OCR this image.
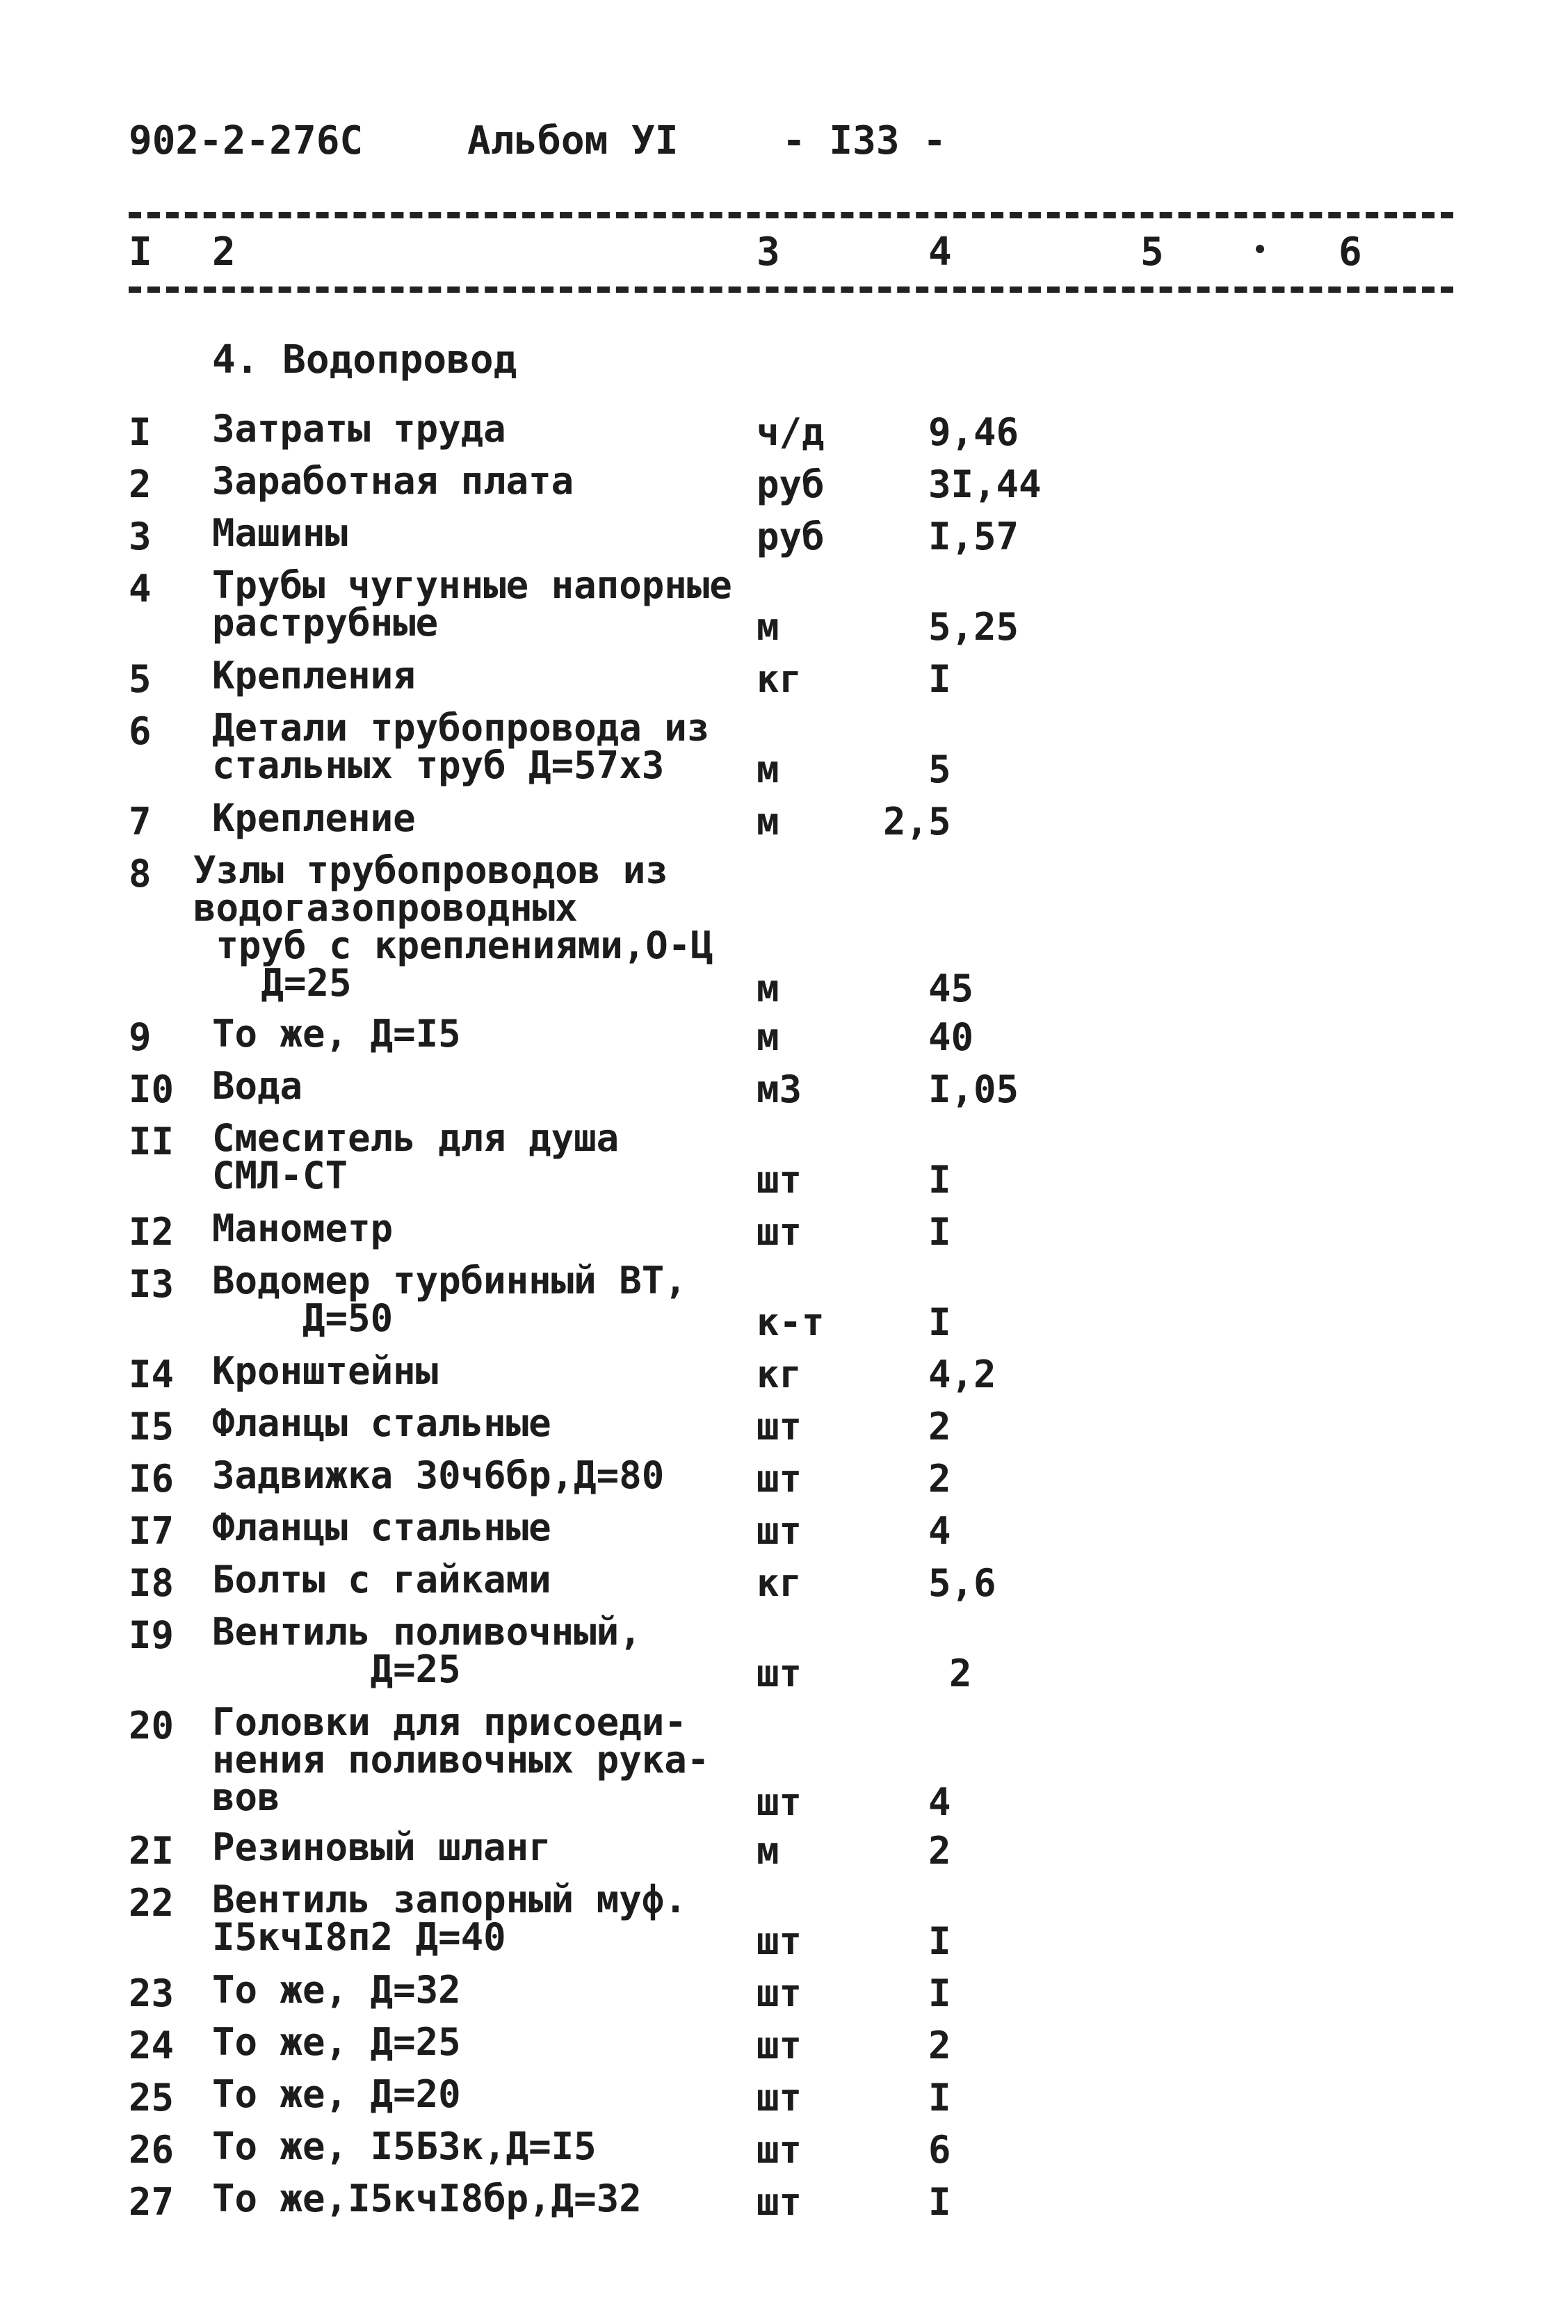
902-2-276С	Альбом УI	- I33 -
I 2	3	4	5	6
4. Водопровод
I Затраты труда	ч/д	9,46
2 Заработная плата	руб	3I,44
3 Машины	руб	I,57
4 Трубы чугунные напорные
раструбные	м	5,25
5 Крепления	кг	I
6 Детали трубопровода из
стальных труб Д=57х3	м	5
7 Крепление	м	2,5
8 Узлы трубопроводов из
водогазопроводных
труб с креплениями,О-Ц
Д=25	м	45
9 То же, Д=I5	м	40
I0 Вода	м3	I,05
II Смеситель для душа
СМЛ-СТ	шт	I
I2 Манометр	шт	I
I3 Водомер турбинный ВТ,
Д=50	к-т	I
I4 Кронштейны	кг	4,2
I5 Фланцы стальные	шт	2
I6 Задвижка 30ч6бр,Д=80 шт	2
I7 Фланцы стальные	шт	4
I8 Болты с гайками	кг	5,6
I9 Вентиль поливочный,
Д=25	шт	2
20 Головки для присоеди-
нения поливочных рука-
вов	шт	4
2I Резиновый шланг	м	2
22 Вентиль запорный муф.
I5кчI8п2 Д=40	шт	I
23 То же, Д=32	шт	I
24 То же, Д=25	шт	2
25 То же, Д=20	шт	I
26 То же, I5Б3к,Д=I5	шт	6
27 То же,I5кчI8бр,Д=32	шт	I
